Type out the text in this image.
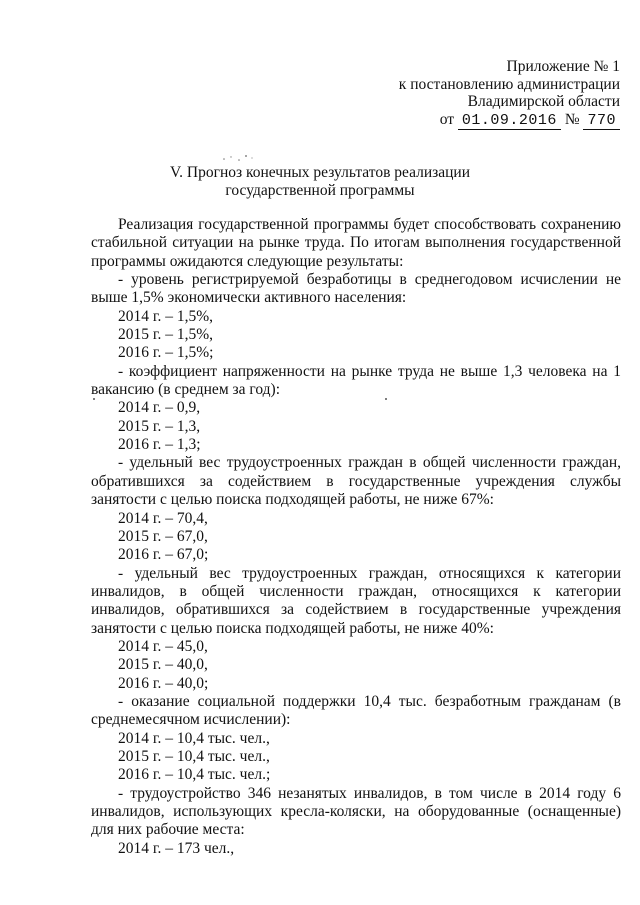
Приложение № 1
к постановлению администрации
Владимирской области
от 01.09.2016 № 770
V. Прогноз конечных результатов реализации
государственной программы

Реализация государственной программы будет способствовать сохранению стабильной ситуации на рынке труда. По итогам выполнения государственной программы ожидаются следующие результаты:

- уровень регистрируемой безработицы в среднегодовом исчислении не выше 1,5% экономически активного населения:

2014 г. – 1,5%,

2015 г. – 1,5%,

2016 г. – 1,5%;

- коэффициент напряженности на рынке труда не выше 1,3 человека на 1 вакансию (в среднем за год):

2014 г. – 0,9,

2015 г. – 1,3,

2016 г. – 1,3;

- удельный вес трудоустроенных граждан в общей численности граждан, обратившихся за содействием в государственные учреждения службы занятости с целью поиска подходящей работы, не ниже 67%:

2014 г. – 70,4,

2015 г. – 67,0,

2016 г. – 67,0;

- удельный вес трудоустроенных граждан, относящихся к категории инвалидов, в общей численности граждан, относящихся к категории инвалидов, обратившихся за содействием в государственные учреждения занятости с целью поиска подходящей работы, не ниже 40%:

2014 г. – 45,0,

2015 г. – 40,0,

2016 г. – 40,0;

- оказание социальной поддержки 10,4 тыс. безработным гражданам (в среднемесячном исчислении):

2014 г. – 10,4 тыс. чел.,

2015 г. – 10,4 тыс. чел.,

2016 г. – 10,4 тыс. чел.;

- трудоустройство 346 незанятых инвалидов, в том числе в 2014 году 6 инвалидов, использующих кресла-коляски, на оборудованные (оснащенные) для них рабочие места:

2014 г. – 173 чел.,
